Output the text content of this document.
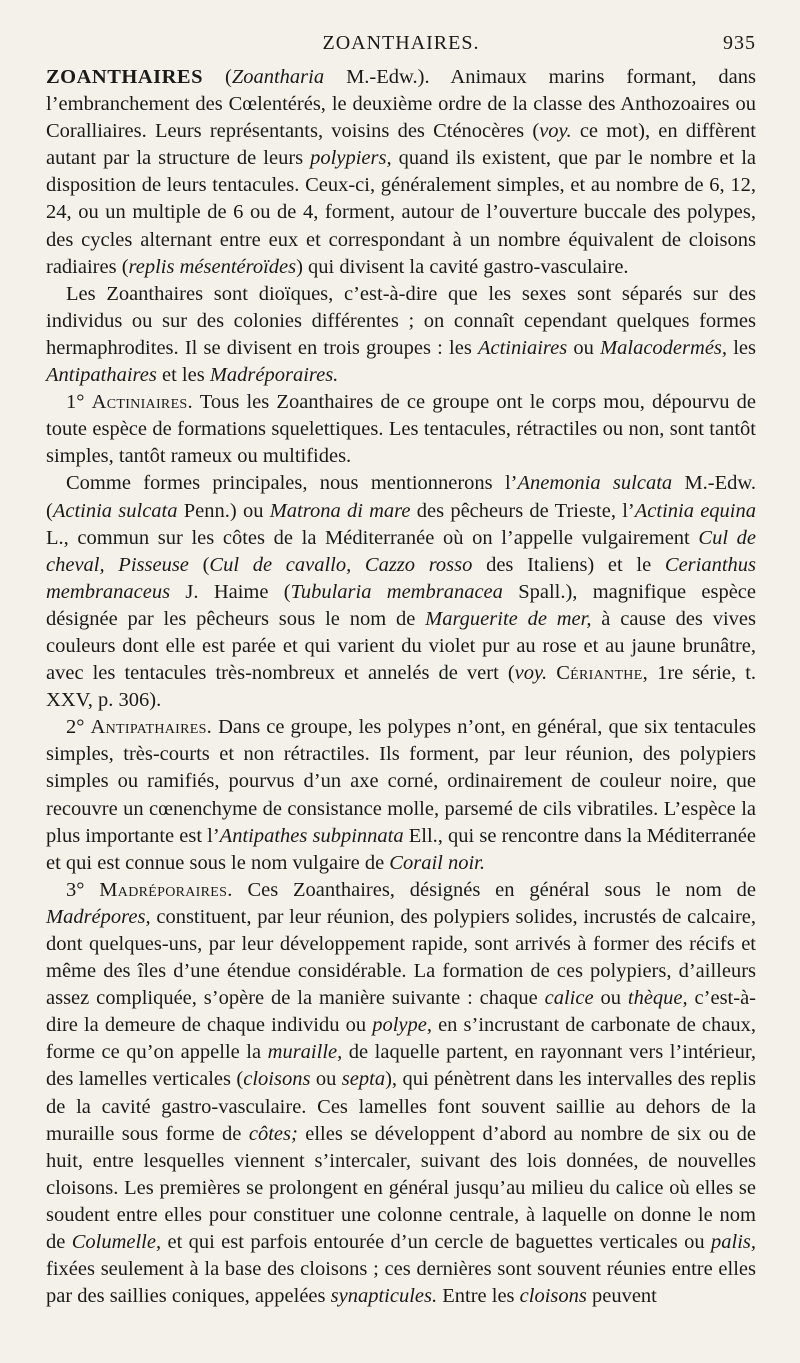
ZOANTHAIRES.	935

ZOANTHAIRES (Zoantharia M.-Edw.). Animaux marins formant, dans l’embranchement des Cœlentérés, le deuxième ordre de la classe des Anthozoaires ou Coralliaires. Leurs représentants, voisins des Cténocères (voy. ce mot), en diffèrent autant par la structure de leurs polypiers, quand ils existent, que par le nombre et la disposition de leurs tentacules. Ceux-ci, généralement simples, et au nombre de 6, 12, 24, ou un multiple de 6 ou de 4, forment, autour de l’ouverture buccale des polypes, des cycles alternant entre eux et correspondant à un nombre équivalent de cloisons radiaires (replis mésentéroïdes) qui divisent la cavité gastro-vasculaire.

Les Zoanthaires sont dioïques, c’est-à-dire que les sexes sont séparés sur des individus ou sur des colonies différentes ; on connaît cependant quelques formes hermaphrodites. Il se divisent en trois groupes : les Actiniaires ou Malacodermés, les Antipathaires et les Madréporaires.

1° Actiniaires. Tous les Zoanthaires de ce groupe ont le corps mou, dépourvu de toute espèce de formations squelettiques. Les tentacules, rétractiles ou non, sont tantôt simples, tantôt rameux ou multifides.

Comme formes principales, nous mentionnerons l’Anemonia sulcata M.-Edw. (Actinia sulcata Penn.) ou Matrona di mare des pêcheurs de Trieste, l’Actinia equina L., commun sur les côtes de la Méditerranée où on l’appelle vulgairement Cul de cheval, Pisseuse (Cul de cavallo, Cazzo rosso des Italiens) et le Cerianthus membranaceus J. Haime (Tubularia membranacea Spall.), magnifique espèce désignée par les pêcheurs sous le nom de Marguerite de mer, à cause des vives couleurs dont elle est parée et qui varient du violet pur au rose et au jaune brunâtre, avec les tentacules très-nombreux et annelés de vert (voy. Cérianthe, 1re série, t. XXV, p. 306).

2° Antipathaires. Dans ce groupe, les polypes n’ont, en général, que six tentacules simples, très-courts et non rétractiles. Ils forment, par leur réunion, des polypiers simples ou ramifiés, pourvus d’un axe corné, ordinairement de couleur noire, que recouvre un cœnenchyme de consistance molle, parsemé de cils vibratiles. L’espèce la plus importante est l’Antipathes subpinnata Ell., qui se rencontre dans la Méditerranée et qui est connue sous le nom vulgaire de Corail noir.

3° Madréporaires. Ces Zoanthaires, désignés en général sous le nom de Madrépores, constituent, par leur réunion, des polypiers solides, incrustés de calcaire, dont quelques-uns, par leur développement rapide, sont arrivés à former des récifs et même des îles d’une étendue considérable. La formation de ces polypiers, d’ailleurs assez compliquée, s’opère de la manière suivante : chaque calice ou thèque, c’est-à-dire la demeure de chaque individu ou polype, en s’incrustant de carbonate de chaux, forme ce qu’on appelle la muraille, de laquelle partent, en rayonnant vers l’intérieur, des lamelles verticales (cloisons ou septa), qui pénètrent dans les intervalles des replis de la cavité gastro-vasculaire. Ces lamelles font souvent saillie au dehors de la muraille sous forme de côtes; elles se développent d’abord au nombre de six ou de huit, entre lesquelles viennent s’intercaler, suivant des lois données, de nouvelles cloisons. Les premières se prolongent en général jusqu’au milieu du calice où elles se soudent entre elles pour constituer une colonne centrale, à laquelle on donne le nom de Columelle, et qui est parfois entourée d’un cercle de baguettes verticales ou palis, fixées seulement à la base des cloisons ; ces dernières sont souvent réunies entre elles par des saillies coniques, appelées synapticules. Entre les cloisons peuvent
